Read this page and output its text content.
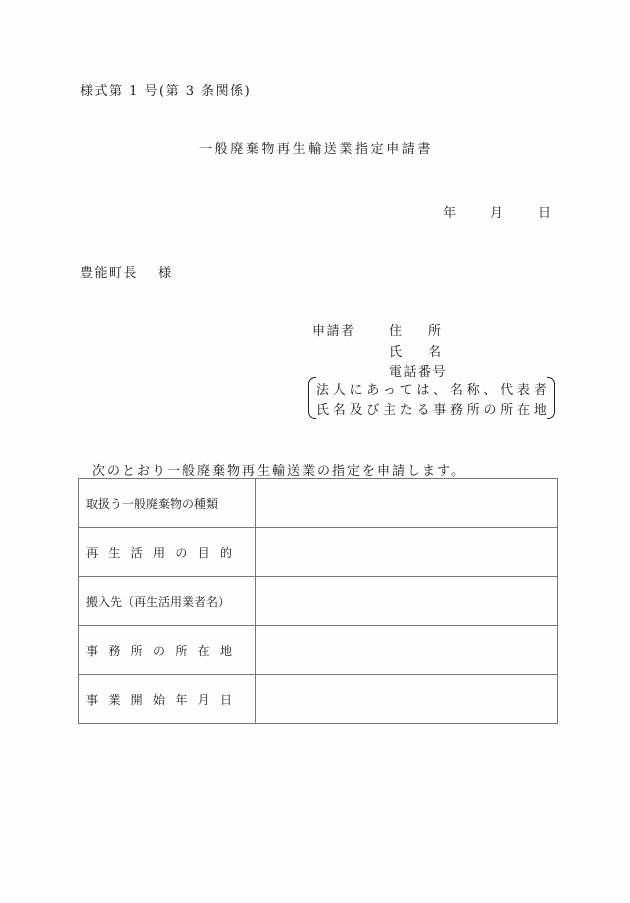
様式第 1 号(第 3 条関係)
一般廃棄物再生輸送業指定申請書
年	月	日
豊能町長　 様
申請者	住　　所
氏　　名
電話番号
法人にあっては、名称、代表者
氏名及び主たる事務所の所在地
次のとおり一般廃棄物再生輸送業の指定を申請します。
取扱う一般廃棄物の種類	

再生活用の目的	

搬入先（再生活用業者名）	

事務所の所在地	

事業開始年月日	
